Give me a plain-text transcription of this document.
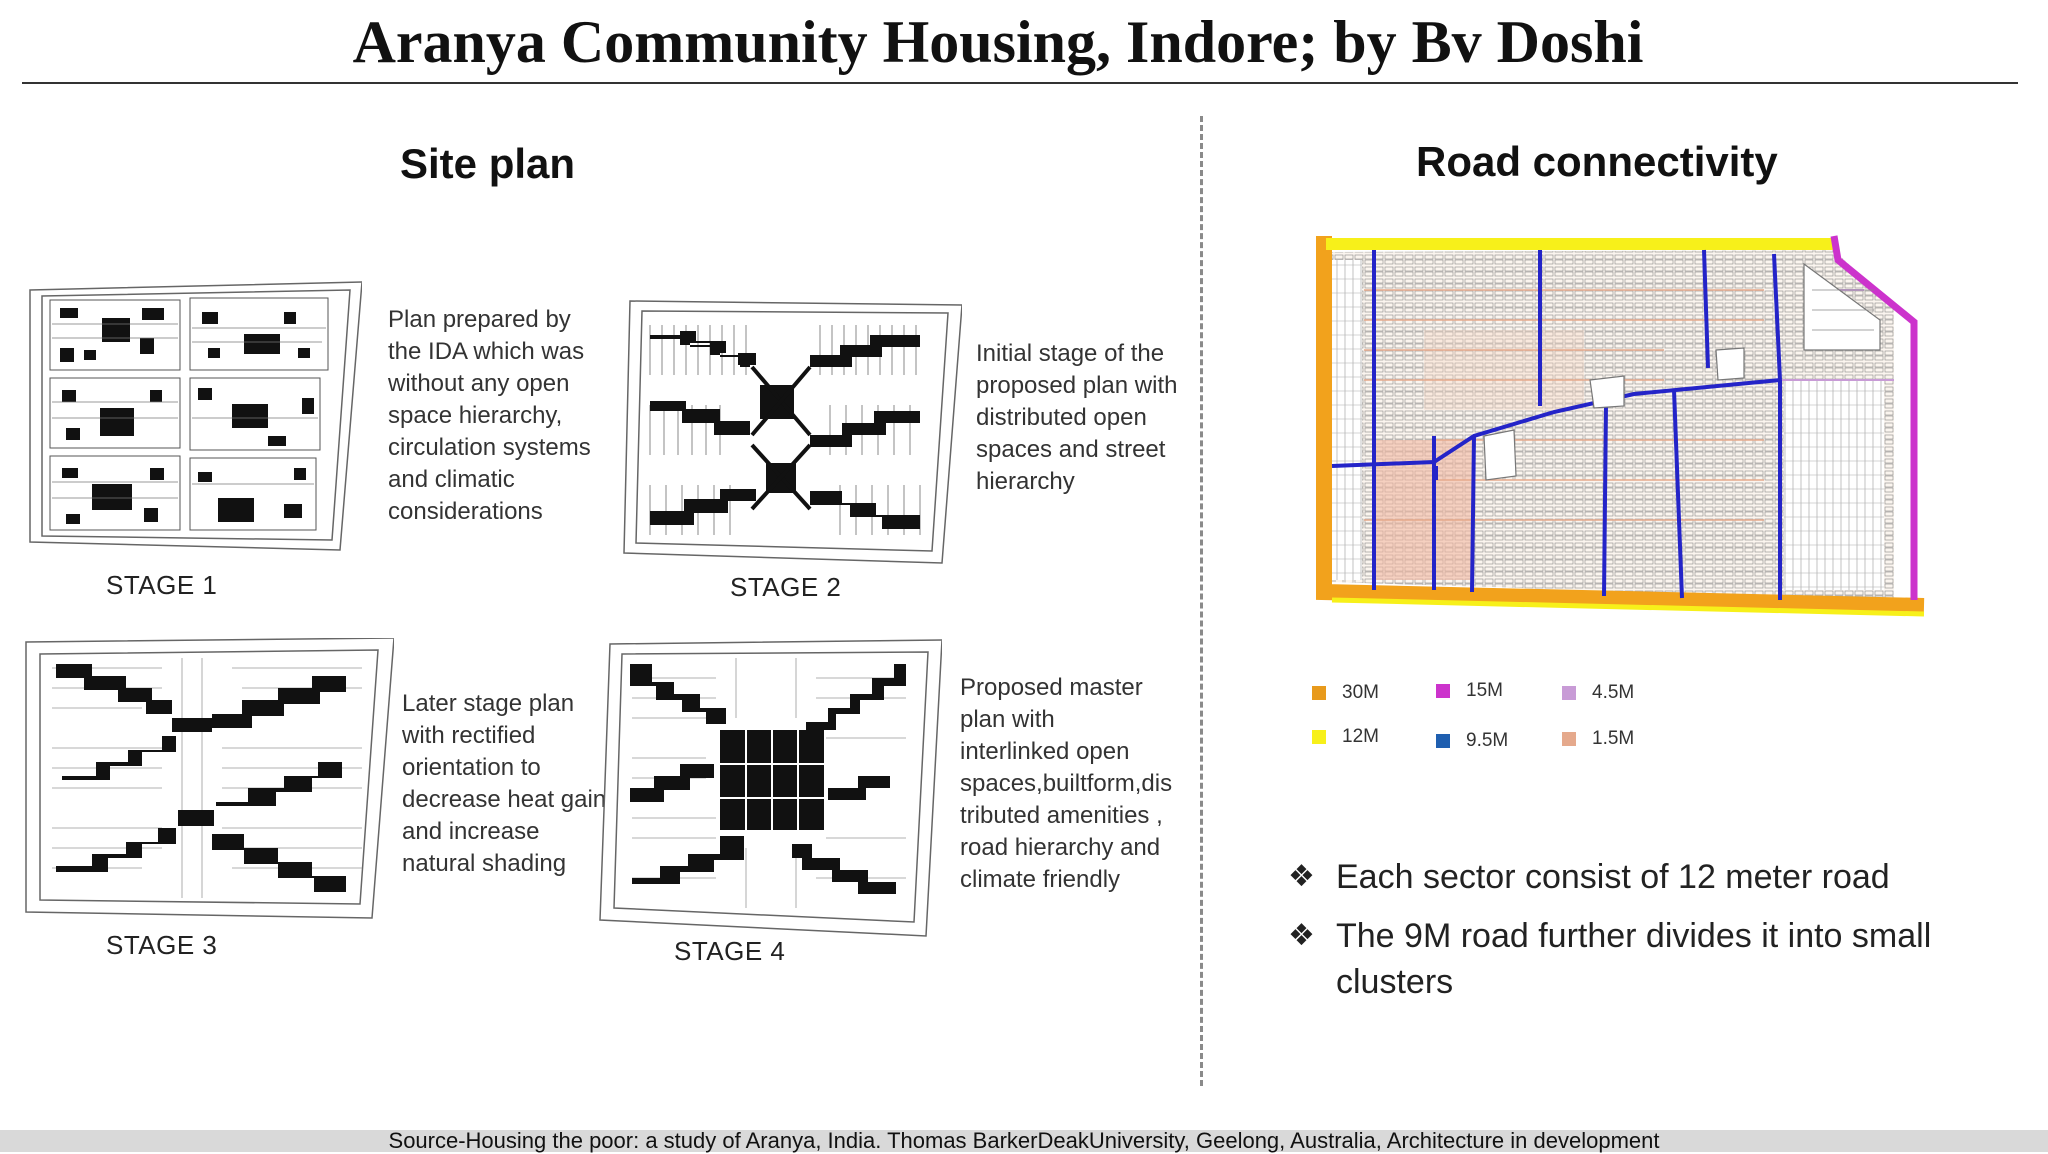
Aranya Community Housing, Indore; by Bv Doshi
Site plan
STAGE 1
Plan prepared by
the IDA which was
without any open
space hierarchy,
circulation systems
and climatic
considerations
STAGE 2
Initial stage of the
proposed plan with
distributed open
spaces and street
hierarchy
STAGE 3
Later stage plan
with rectified
orientation to
decrease heat gain
and increase
natural shading
STAGE 4
Proposed master
plan with
interlinked open
spaces,builtform,dis
tributed amenities ,
road hierarchy and
climate friendly
Road connectivity
30M	15M	4.5M
12M	9.5M	1.5M
❖ Each sector consist of 12 meter road
❖ The 9M road further divides it into small clusters
Source-Housing the poor: a study of Aranya, India. Thomas BarkerDeakUniversity, Geelong, Australia, Architecture in development
